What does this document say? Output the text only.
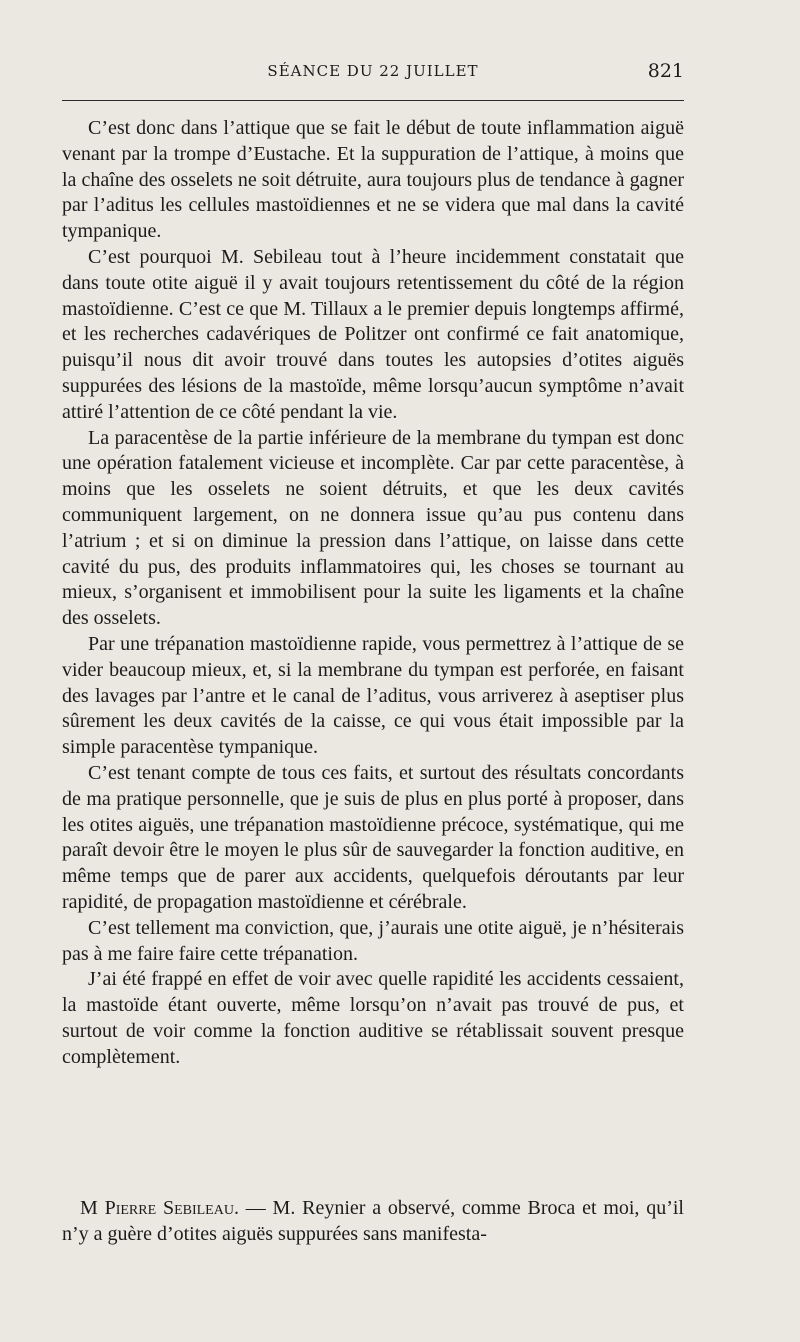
SÉANCE DU 22 JUILLET	821

C’est donc dans l’attique que se fait le début de toute inflammation aiguë venant par la trompe d’Eustache. Et la suppuration de l’attique, à moins que la chaîne des osselets ne soit détruite, aura toujours plus de tendance à gagner par l’aditus les cellules mastoïdiennes et ne se videra que mal dans la cavité tympanique.

C’est pourquoi M. Sebileau tout à l’heure incidemment constatait que dans toute otite aiguë il y avait toujours retentissement du côté de la région mastoïdienne. C’est ce que M. Tillaux a le premier depuis longtemps affirmé, et les recherches cadavériques de Politzer ont confirmé ce fait anatomique, puisqu’il nous dit avoir trouvé dans toutes les autopsies d’otites aiguës suppurées des lésions de la mastoïde, même lorsqu’aucun symptôme n’avait attiré l’attention de ce côté pendant la vie.

La paracentèse de la partie inférieure de la membrane du tympan est donc une opération fatalement vicieuse et incomplète. Car par cette paracentèse, à moins que les osselets ne soient détruits, et que les deux cavités communiquent largement, on ne donnera issue qu’au pus contenu dans l’atrium ; et si on diminue la pression dans l’attique, on laisse dans cette cavité du pus, des produits inflammatoires qui, les choses se tournant au mieux, s’organisent et immobilisent pour la suite les ligaments et la chaîne des osselets.

Par une trépanation mastoïdienne rapide, vous permettrez à l’attique de se vider beaucoup mieux, et, si la membrane du tympan est perforée, en faisant des lavages par l’antre et le canal de l’aditus, vous arriverez à aseptiser plus sûrement les deux cavités de la caisse, ce qui vous était impossible par la simple paracentèse tympanique.

C’est tenant compte de tous ces faits, et surtout des résultats concordants de ma pratique personnelle, que je suis de plus en plus porté à proposer, dans les otites aiguës, une trépanation mastoïdienne précoce, systématique, qui me paraît devoir être le moyen le plus sûr de sauvegarder la fonction auditive, en même temps que de parer aux accidents, quelquefois déroutants par leur rapidité, de propagation mastoïdienne et cérébrale.

C’est tellement ma conviction, que, j’aurais une otite aiguë, je n’hésiterais pas à me faire faire cette trépanation.

J’ai été frappé en effet de voir avec quelle rapidité les accidents cessaient, la mastoïde étant ouverte, même lorsqu’on n’avait pas trouvé de pus, et surtout de voir comme la fonction auditive se rétablissait souvent presque complètement.

M Pierre Sebileau. — M. Reynier a observé, comme Broca et moi, qu’il n’y a guère d’otites aiguës suppurées sans manifesta-
